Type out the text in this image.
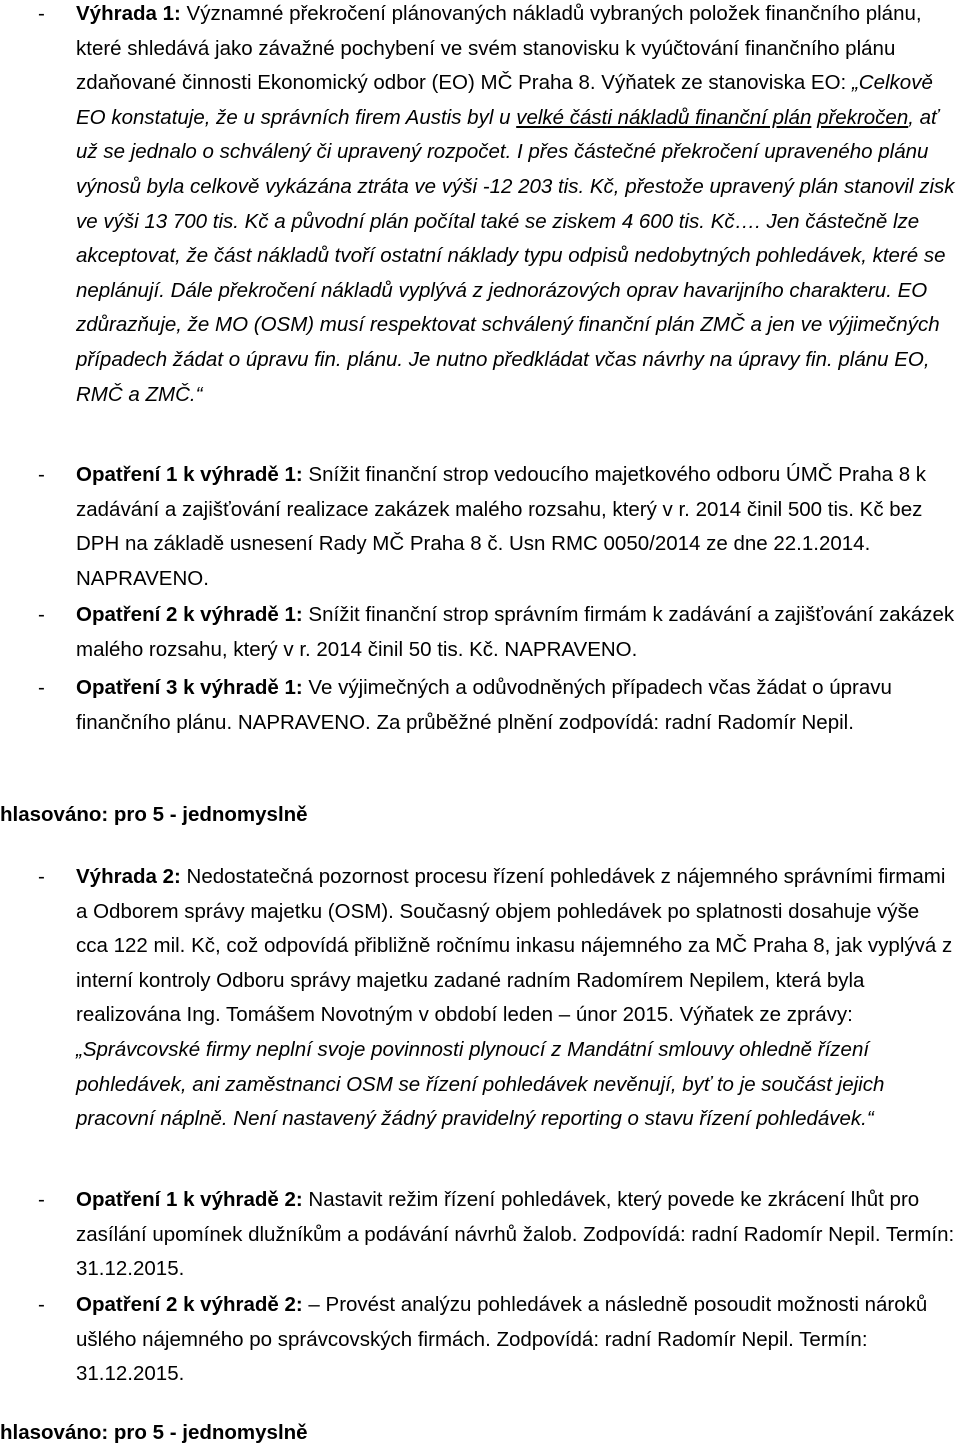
-	Výhrada 1: Významné překročení plánovaných nákladů vybraných položek finančního plánu, které shledává jako závažné pochybení ve svém stanovisku k vyúčtování finančního plánu zdaňované činnosti Ekonomický odbor (EO) MČ Praha 8. Výňatek ze stanoviska EO: „Celkově EO konstatuje, že u správních firem Austis byl u velké části nákladů finanční plán překročen, ať už se jednalo o schválený či upravený rozpočet. I přes částečné překročení upraveného plánu výnosů byla celkově vykázána ztráta ve výši -12 203 tis. Kč, přestože upravený plán stanovil zisk ve výši 13 700 tis. Kč a původní plán počítal také se ziskem 4 600 tis. Kč…. Jen částečně lze akceptovat, že část nákladů tvoří ostatní náklady typu odpisů nedobytných pohledávek, které se neplánují. Dále překročení nákladů vyplývá z jednorázových oprav havarijního charakteru. EO zdůrazňuje, že MO (OSM) musí respektovat schválený finanční plán ZMČ a jen ve výjimečných případech žádat o úpravu fin. plánu. Je nutno předkládat včas návrhy na úpravy fin. plánu EO, RMČ a ZMČ.“
-	Opatření 1 k výhradě 1: Snížit finanční strop vedoucího majetkového odboru ÚMČ Praha 8 k zadávání a zajišťování realizace zakázek malého rozsahu, který v r. 2014 činil 500 tis. Kč bez DPH na základě usnesení Rady MČ Praha 8 č. Usn RMC 0050/2014 ze dne 22.1.2014. NAPRAVENO.
-	Opatření 2 k výhradě 1: Snížit finanční strop správním firmám k zadávání a zajišťování zakázek malého rozsahu, který v r. 2014 činil 50 tis. Kč. NAPRAVENO.
-	Opatření 3 k výhradě 1: Ve výjimečných a odůvodněných případech včas žádat o úpravu finančního plánu. NAPRAVENO. Za průběžné plnění zodpovídá: radní Radomír Nepil.
hlasováno: pro 5 - jednomyslně
-	Výhrada 2: Nedostatečná pozornost procesu řízení pohledávek z nájemného správními firmami a Odborem správy majetku (OSM). Současný objem pohledávek po splatnosti dosahuje výše cca 122 mil. Kč, což odpovídá přibližně ročnímu inkasu nájemného za MČ Praha 8, jak vyplývá z interní kontroly Odboru správy majetku zadané radním Radomírem Nepilem, která byla realizována Ing. Tomášem Novotným v období leden – únor 2015. Výňatek ze zprávy: „Správcovské firmy neplní svoje povinnosti plynoucí z Mandátní smlouvy ohledně řízení pohledávek, ani zaměstnanci OSM se řízení pohledávek nevěnují, byť to je součást jejich pracovní náplně. Není nastavený žádný pravidelný reporting o stavu řízení pohledávek.“
-	Opatření 1 k výhradě 2: Nastavit režim řízení pohledávek, který povede ke zkrácení lhůt pro zasílání upomínek dlužníkům a podávání návrhů žalob. Zodpovídá: radní Radomír Nepil. Termín: 31.12.2015.
-	Opatření 2 k výhradě 2: – Provést analýzu pohledávek a následně posoudit možnosti nároků ušlého nájemného po správcovských firmách. Zodpovídá: radní Radomír Nepil. Termín: 31.12.2015.
hlasováno: pro 5 - jednomyslně
